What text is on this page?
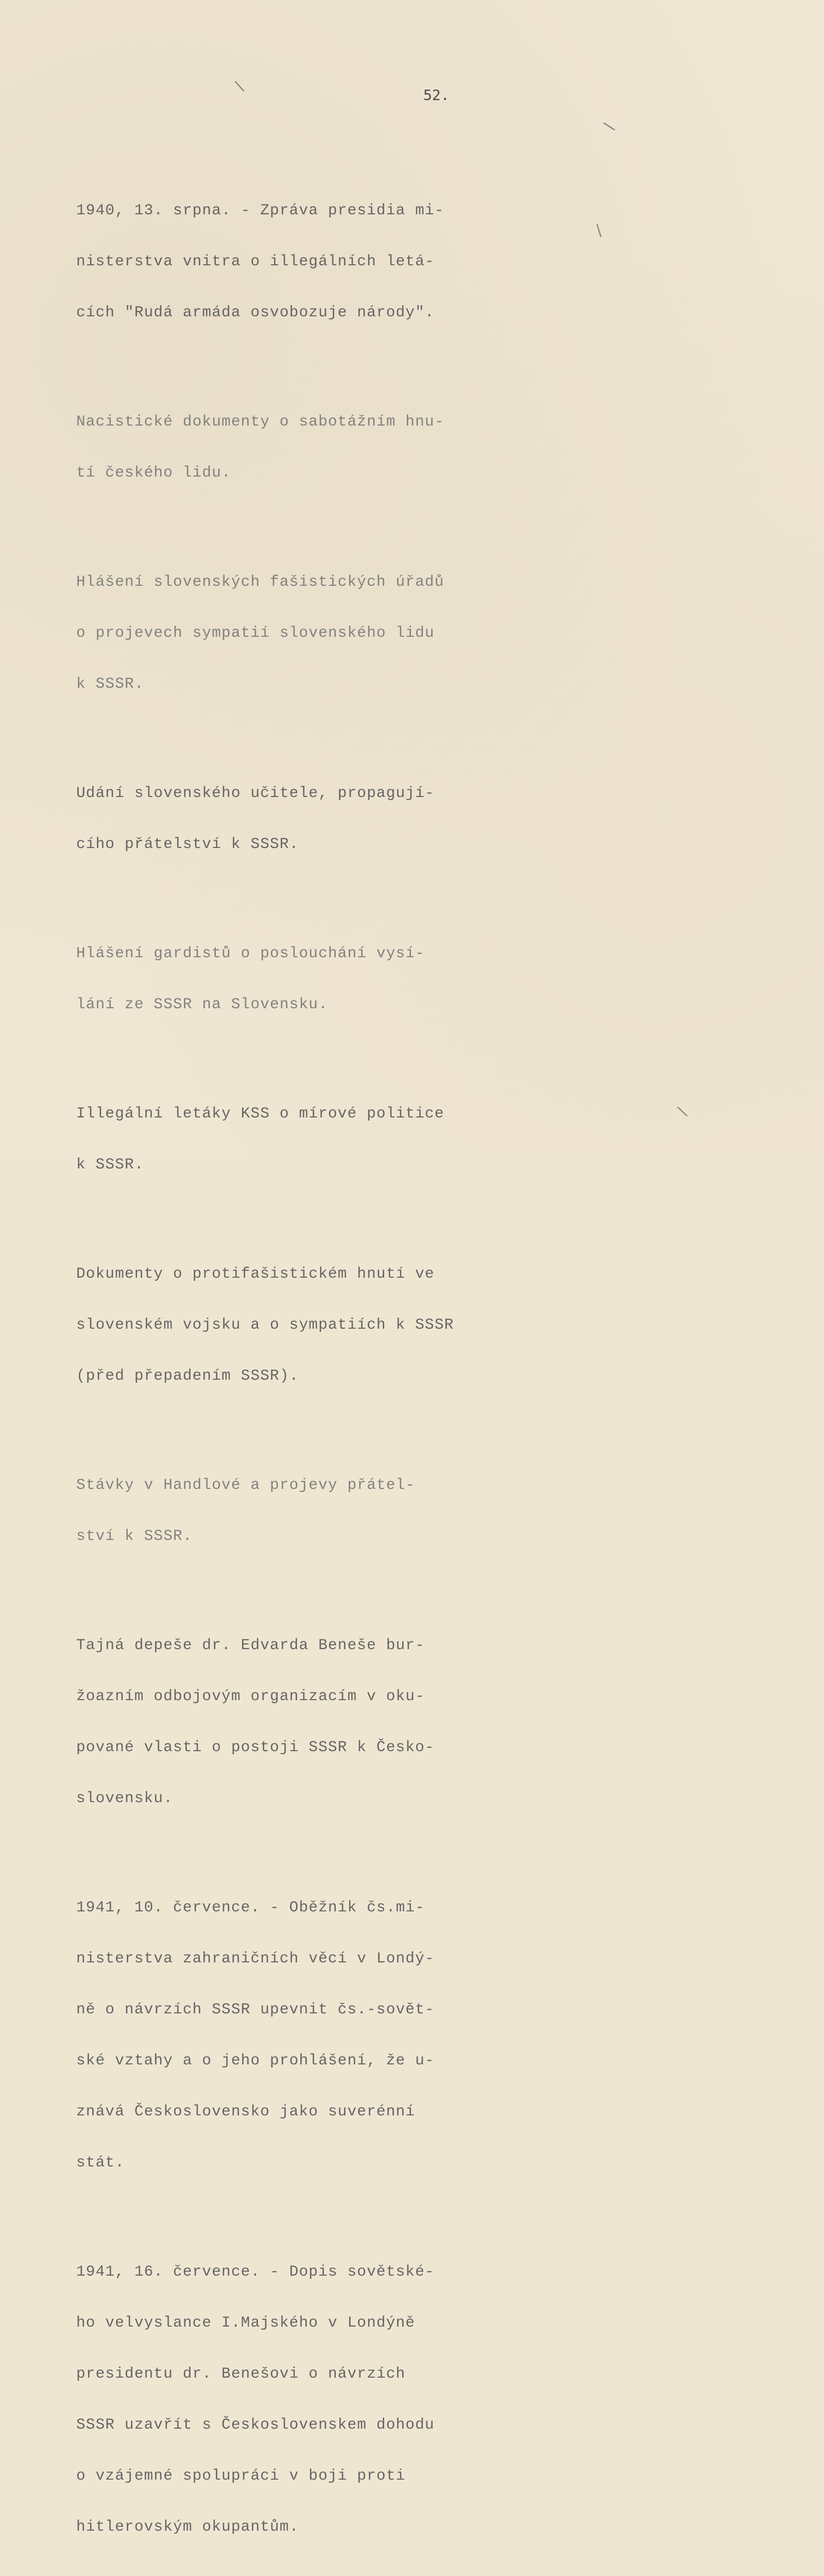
52.
\
\
\
\

1940, 13. srpna. - Zpráva presidia mi-

nisterstva vnitra o illegálních letá-

cích "Rudá armáda osvobozuje národy".

Nacistické dokumenty o sabotážním hnu-

tí českého lidu.

Hlášení slovenských fašistických úřadů

o projevech sympatií slovenského lidu

k SSSR.

Udání slovenského učitele, propagují-

cího přátelství k SSSR.

Hlášení gardistů o poslouchání vysí-

lání ze SSSR na Slovensku.

Illegální letáky KSS o mírové politice

k SSSR.

Dokumenty o protifašistickém hnutí ve

slovenském vojsku a o sympatiích k SSSR

(před přepadením SSSR).

Stávky v Handlové a projevy přátel-

ství k SSSR.

Tajná depeše dr. Edvarda Beneše bur-

žoazním odbojovým organizacím v oku-

pované vlasti o postoji SSSR k Česko-

slovensku.

1941, 10. července. - Oběžník čs.mi-

nisterstva zahraničních věcí v Londý-

ně o návrzích SSSR upevnit čs.-sovět-

ské vztahy a o jeho prohlášení, že u-

znává Československo jako suverénní

stát.

1941, 16. července. - Dopis sovětské-

ho velvyslance I.Majského v Londýně

presidentu dr. Benešovi o návrzích

SSSR uzavřít s Československem dohodu

o vzájemné spolupráci v boji proti

hitlerovským okupantům.
